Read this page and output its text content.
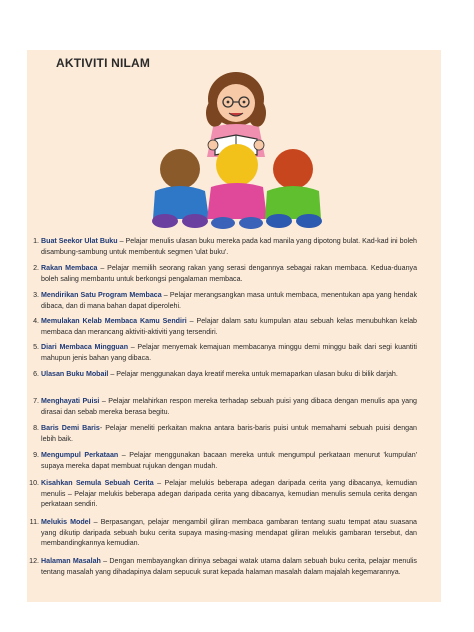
AKTIVITI NILAM
1. Buat Seekor Ulat Buku – Pelajar menulis ulasan buku mereka pada kad manila yang dipotong bulat. Kad-kad ini boleh disambung-sambung untuk membentuk segmen 'ulat buku'.
2. Rakan Membaca – Pelajar memilih seorang rakan yang serasi dengannya sebagai rakan membaca. Kedua-duanya boleh saling membantu untuk berkongsi pengalaman membaca.
3. Mendirikan Satu Program Membaca – Pelajar merangsangkan masa untuk membaca, menentukan apa yang hendak dibaca, dan di mana bahan dapat diperolehi.
4. Memulakan Kelab Membaca Kamu Sendiri – Pelajar dalam satu kumpulan atau sebuah kelas menubuhkan kelab membaca dan merancang aktiviti-aktiviti yang tersendiri.
5. Diari Membaca Mingguan – Pelajar menyemak kemajuan membacanya minggu demi minggu baik dari segi kuantiti mahupun jenis bahan yang dibaca.
6. Ulasan Buku Mobail – Pelajar menggunakan daya kreatif mereka untuk memaparkan ulasan buku di bilik darjah.
7. Menghayati Puisi – Pelajar melahirkan respon mereka terhadap sebuah puisi yang dibaca dengan menulis apa yang dirasai dan sebab mereka berasa begitu.
8. Baris Demi Baris- Pelajar meneliti perkaitan makna antara baris-baris puisi untuk memahami sebuah puisi dengan lebih baik.
9. Mengumpul Perkataan – Pelajar menggunakan bacaan mereka untuk mengumpul perkataan menurut 'kumpulan' supaya mereka dapat membuat rujukan dengan mudah.
10. Kisahkan Semula Sebuah Cerita – Pelajar melukis beberapa adegan daripada cerita yang dibacanya, kemudian menulis – Pelajar melukis beberapa adegan daripada cerita yang dibacanya, kemudian menulis semula cerita dengan perkataan sendiri.
11. Melukis Model – Berpasangan, pelajar mengambil giliran membaca gambaran tentang suatu tempat atau suasana yang dikutip daripada sebuah buku cerita supaya masing-masing mendapat giliran melukis gambaran tersebut, dan membandingkannya kemudian.
12. Halaman Masalah – Dengan membayangkan dirinya sebagai watak utama dalam sebuah buku cerita, pelajar menulis tentang masalah yang dihadapinya dalam sepucuk surat kepada halaman masalah dalam majalah kegemarannya.
